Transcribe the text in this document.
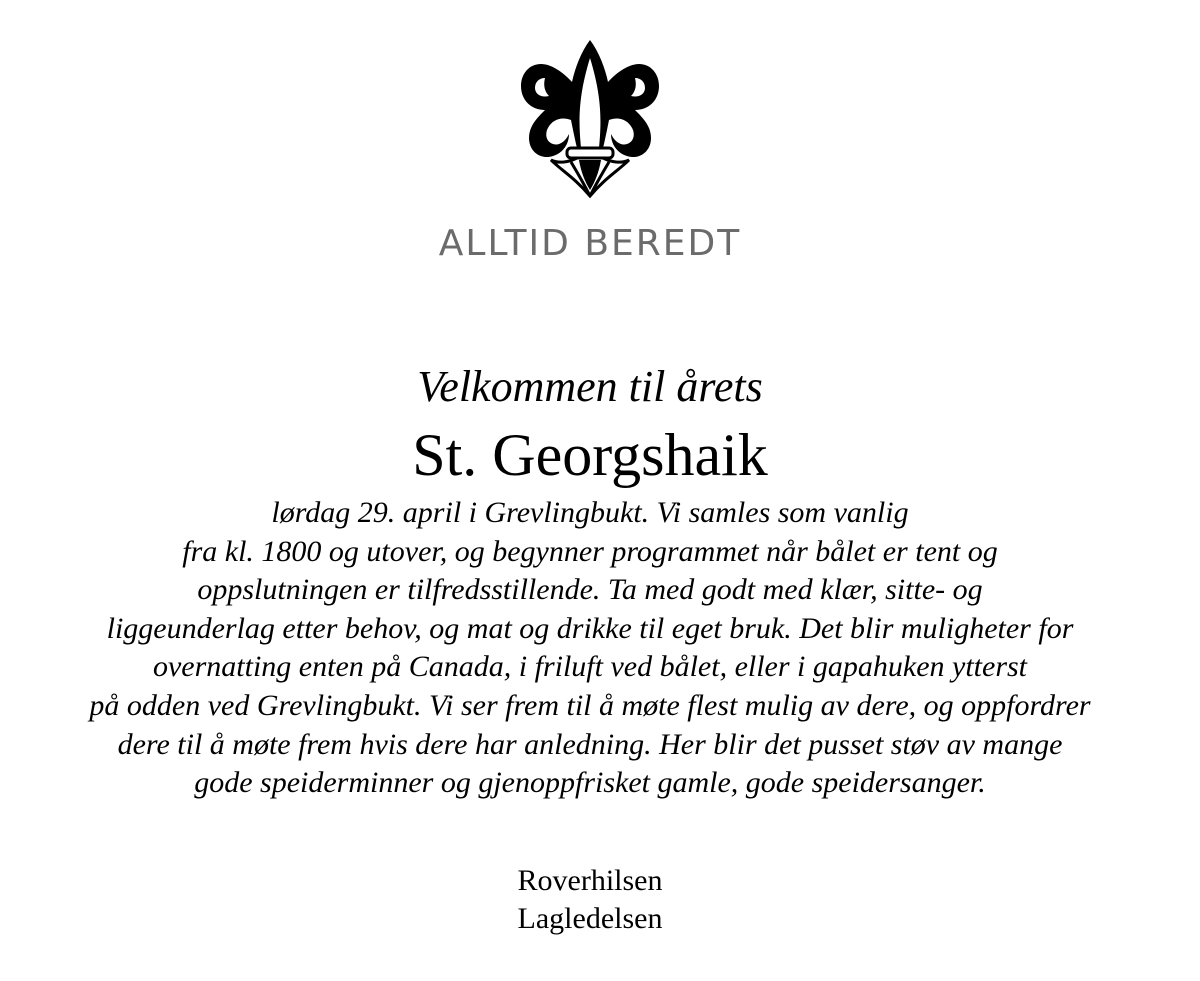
ALLTID BEREDT
Velkommen til årets
St. Georgshaik
lørdag 29. april i Grevlingbukt. Vi samles som vanlig
fra kl. 1800 og utover, og begynner programmet når bålet er tent og
oppslutningen er tilfredsstillende. Ta med godt med klær, sitte- og
liggeunderlag etter behov, og mat og drikke til eget bruk. Det blir muligheter for
overnatting enten på Canada, i friluft ved bålet, eller i gapahuken ytterst
på odden ved Grevlingbukt. Vi ser frem til å møte flest mulig av dere, og oppfordrer
dere til å møte frem hvis dere har anledning. Her blir det pusset støv av mange
gode speiderminner og gjenoppfrisket gamle, gode speidersanger.
Roverhilsen
Lagledelsen
